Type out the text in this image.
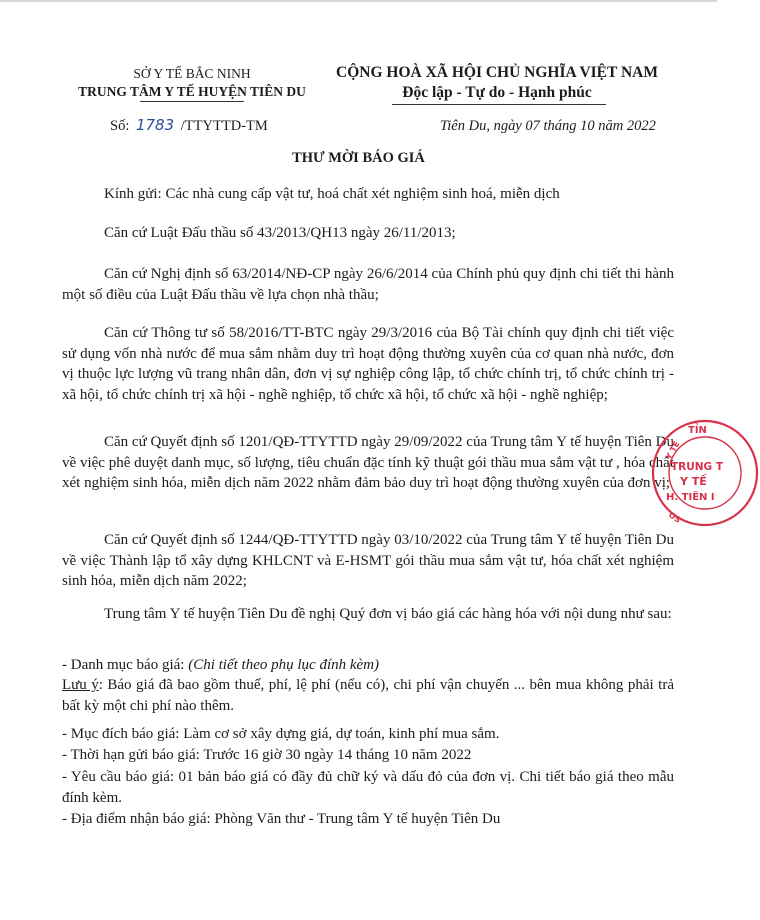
SỞ Y TẾ BẮC NINH
TRUNG TÂM Y TẾ HUYỆN TIÊN DU
CỘNG HOÀ XÃ HỘI CHỦ NGHĨA VIỆT NAM
Độc lập - Tự do - Hạnh phúc
Số: 1783 /TTYTTD-TM	Tiên Du, ngày 07 tháng 10 năm 2022
THƯ MỜI BÁO GIÁ
Kính gửi: Các nhà cung cấp vật tư, hoá chất xét nghiệm sinh hoá, miễn dịch
Căn cứ Luật Đấu thầu số 43/2013/QH13 ngày 26/11/2013;
Căn cứ Nghị định số 63/2014/NĐ-CP ngày 26/6/2014 của Chính phủ quy định chi tiết thi hành một số điều của Luật Đấu thầu về lựa chọn nhà thầu;
Căn cứ Thông tư số 58/2016/TT-BTC ngày 29/3/2016 của Bộ Tài chính quy định chi tiết việc sử dụng vốn nhà nước để mua sắm nhằm duy trì hoạt động thường xuyên của cơ quan nhà nước, đơn vị thuộc lực lượng vũ trang nhân dân, đơn vị sự nghiệp công lập, tổ chức chính trị, tổ chức chính trị - xã hội, tổ chức chính trị xã hội - nghề nghiệp, tổ chức xã hội, tổ chức xã hội - nghề nghiệp;
Căn cứ Quyết định số 1201/QĐ-TTYTTD ngày 29/09/2022 của Trung tâm Y tế huyện Tiên Du về việc phê duyệt danh mục, số lượng, tiêu chuẩn đặc tính kỹ thuật gói thầu mua sắm vật tư , hóa chất xét nghiệm sinh hóa, miễn dịch năm 2022 nhằm đảm bảo duy trì hoạt động thường xuyên của đơn vị;
Căn cứ Quyết định số 1244/QĐ-TTYTTD ngày 03/10/2022 của Trung tâm Y tế huyện Tiên Du về việc Thành lập tổ xây dựng KHLCNT và E-HSMT gói thầu mua sắm vật tư, hóa chất xét nghiệm sinh hóa, miễn dịch năm 2022;
Trung tâm Y tế huyện Tiên Du đề nghị Quý đơn vị báo giá các hàng hóa với nội dung như sau:
- Danh mục báo giá: (Chi tiết theo phụ lục đính kèm)
Lưu ý: Báo giá đã bao gồm thuế, phí, lệ phí (nếu có), chi phí vận chuyển ... bên mua không phải trả bất kỳ một chi phí nào thêm.
- Mục đích báo giá: Làm cơ sở xây dựng giá, dự toán, kinh phí mua sắm.
- Thời hạn gửi báo giá: Trước 16 giờ 30 ngày 14 tháng 10 năm 2022
- Yêu cầu báo giá: 01 bản báo giá có đầy đủ chữ ký và dấu đỏ của đơn vị. Chi tiết báo giá theo mẫu đính kèm.
- Địa điểm nhận báo giá: Phòng Văn thư - Trung tâm Y tế huyện Tiên Du
TỈN
Y TẾ
TRUNG T
Y TẾ
H. TIÊN I
OS
